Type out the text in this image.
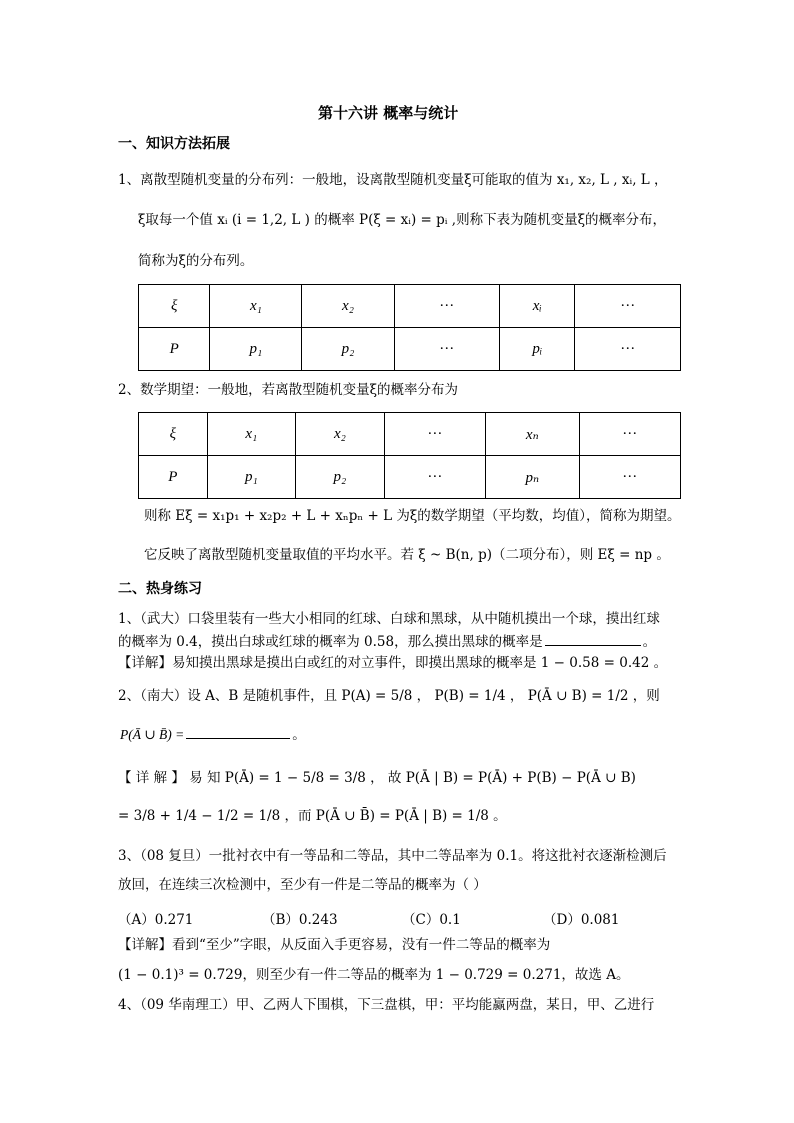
第十六讲 概率与统计
一、知识方法拓展
1、离散型随机变量的分布列：一般地，设离散型随机变量ξ可能取的值为 x₁, x₂, L , xᵢ, L ，
ξ取每一个值 xᵢ (i = 1,2, L ) 的概率 P(ξ = xᵢ) = pᵢ ,则称下表为随机变量ξ的概率分布，
简称为ξ的分布列。
ξ	x₁	x₂	···	xᵢ	···
P	p₁	p₂	···	pᵢ	···
2、数学期望：一般地，若离散型随机变量ξ的概率分布为
ξ	x₁	x₂	···	xₙ	···
P	p₁	p₂	···	pₙ	···
则称 Eξ = x₁p₁ + x₂p₂ + L + xₙpₙ + L 为ξ的数学期望（平均数，均值），简称为期望。
它反映了离散型随机变量取值的平均水平。若 ξ ~ B(n, p)（二项分布），则 Eξ = np 。
二、热身练习
1、（武大）口袋里装有一些大小相同的红球、白球和黑球，从中随机摸出一个球，摸出红球
的概率为 0.4，摸出白球或红球的概率为 0.58，那么摸出黑球的概率是	。
【详解】易知摸出黑球是摸出白或红的对立事件，即摸出黑球的概率是 1 − 0.58 = 0.42 。
2、（南大）设 A、B 是随机事件，且 P(A) = 5/8 ， P(B) = 1/4 ， P(Ā ∪ B) = 1/2 ，则
P(Ā ∪ B̄) =	。
【 详 解 】 易 知 P(Ā) = 1 − 5/8 = 3/8 ， 故 P(Ā | B) = P(Ā) + P(B) − P(Ā ∪ B)
= 3/8 + 1/4 − 1/2 = 1/8 ，而 P(Ā ∪ B̄) = P(Ā | B) = 1/8 。
3、（08 复旦）一批衬衣中有一等品和二等品，其中二等品率为 0.1。将这批衬衣逐渐检测后
放回，在连续三次检测中，至少有一件是二等品的概率为（ ）
（A）0.271	（B）0.243	（C）0.1	（D）0.081
【详解】看到“至少”字眼，从反面入手更容易，没有一件二等品的概率为
(1 − 0.1)³ = 0.729，则至少有一件二等品的概率为 1 − 0.729 = 0.271，故选 A。
4、（09 华南理工）甲、乙两人下围棋，下三盘棋，甲：平均能赢两盘，某日，甲、乙进行
